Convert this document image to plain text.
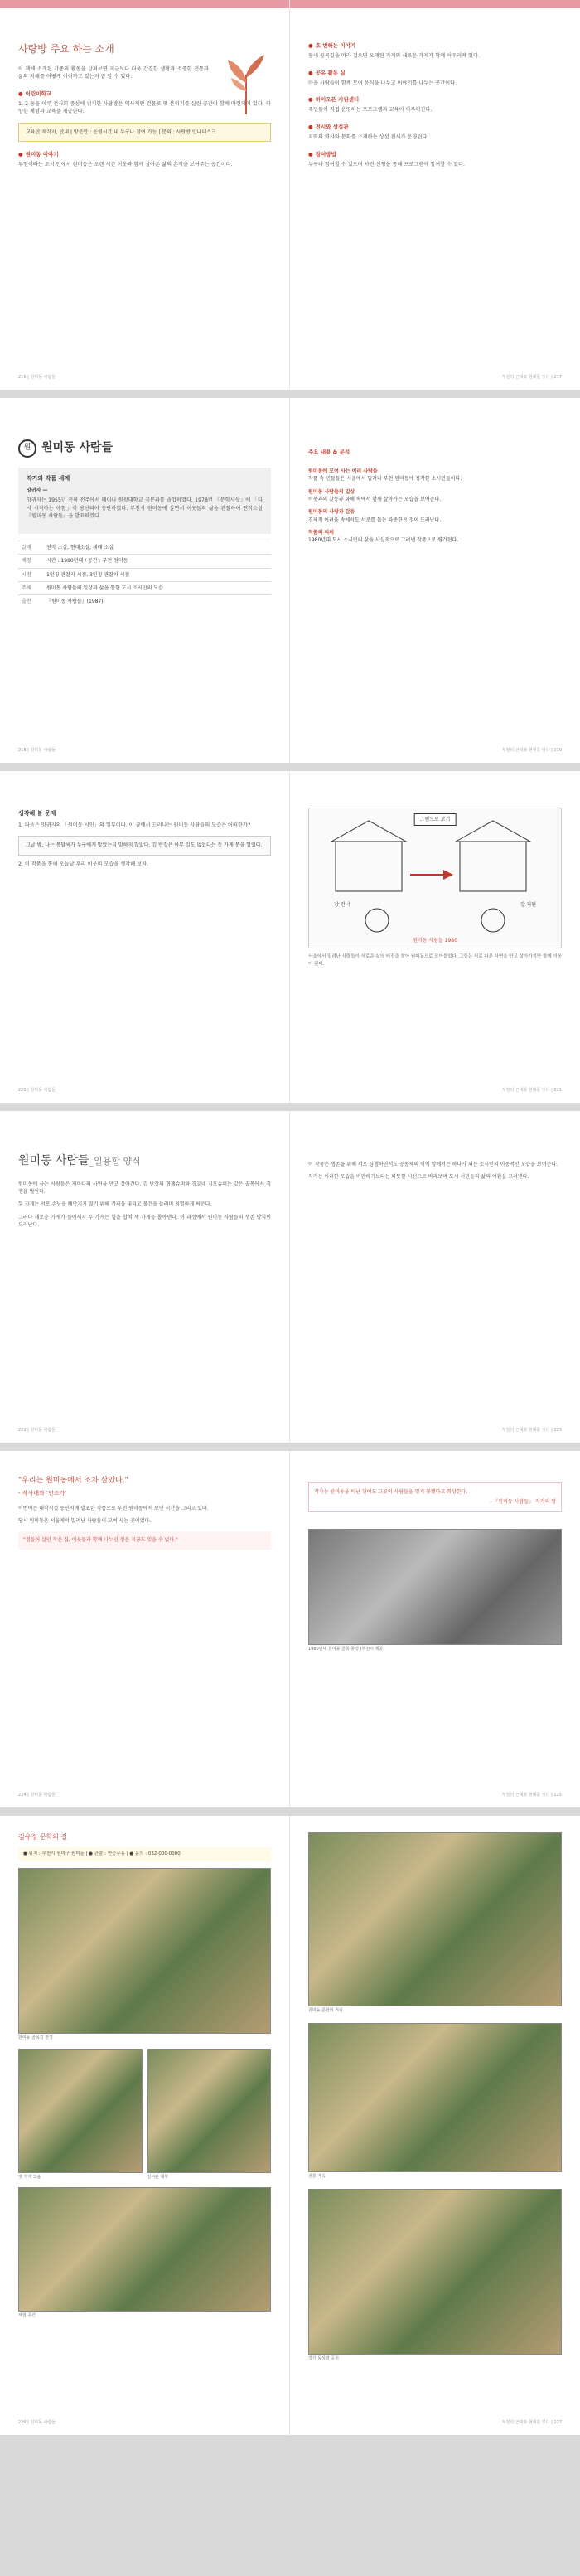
사랑방 주요 하는 소개

이 책에 소개된 각종의 활동을 살펴보면 지금보다 더욱 간결한 생활과 소중한 전통과 삶의 지혜를 어떻게 이어가고 있는지 잘 알 수 있다.

● 어린이학교

1, 2 동을 이루 전시회 중심에 위치한 사랑방은 역사적인 건물로 옛 분위기를 살린 공간이 함께 마련되어 있다. 다양한 체험과 교육을 제공한다.

교육안 제작자, 안내 | 방문안 : 운영시간 내 누구나 참여 가능 | 문의 : 사랑방 안내데스크
● 원미동 이야기

부천이라는 도시 안에서 원미동은 오랜 시간 이웃과 함께 살아온 삶의 흔적을 보여주는 공간이다.

216 | 원미동 사람들
● 호 변하는 이야기

동네 골목길을 따라 걸으면 오래된 가게와 새로운 가게가 함께 어우러져 있다.

● 공유 활동 실

마을 사람들이 함께 모여 음식을 나누고 이야기를 나누는 공간이다.

● 하이오픈 지원센터

주민들이 직접 운영하는 프로그램과 교육이 이루어진다.

● 전시와 상설관

지역의 역사와 문화를 소개하는 상설 전시가 운영된다.

● 참여방법

누구나 참여할 수 있으며 사전 신청을 통해 프로그램에 참여할 수 있다.

부천의 근대와 현대를 잇다 | 217
원 원미동 사람들
작가와 작품 세계
양귀자 —

양귀자는 1955년 전북 전주에서 태어나 원광대학교 국문과를 졸업하였다. 1978년 『문학사상』에 「다시 시작하는 아침」이 당선되어 등단하였다. 부천시 원미동에 살면서 이웃들의 삶을 관찰하여 연작소설 『원미동 사람들』을 발표하였다.

갈래	연작 소설, 현대소설, 세태 소설
배경	시간 : 1980년대 / 공간 : 부천 원미동
시점	1인칭 관찰자 시점, 3인칭 관찰자 시점
주제	원미동 사람들의 일상과 삶을 통한 도시 소시민의 모습
출전	『원미동 사람들』(1987)
218 | 원미동 사람들
주요 내용 & 분석
원미동에 모여 사는 여러 사람들
작품 속 인물들은 서울에서 밀려나 부천 원미동에 정착한 소시민들이다.
원미동 사람들의 일상
이웃과의 갈등과 화해 속에서 함께 살아가는 모습을 보여준다.
원미동의 사랑과 갈등
경제적 어려움 속에서도 서로를 돕는 따뜻한 인정이 드러난다.
작품의 의의
1980년대 도시 소시민의 삶을 사실적으로 그려낸 작품으로 평가된다.
부천의 근대와 현대를 잇다 | 219
생각해 볼 문제

1. 다음은 양귀자의 「원미동 시인」의 일부이다. 이 글에서 드러나는 원미동 사람들의 모습은 어떠한가?

그날 밤, 나는 몽달씨가 누구에게 맞았는지 말하지 않았다. 김 반장은 아무 일도 없었다는 듯 가게 문을 열었다.

2. 이 작품을 통해 오늘날 우리 이웃의 모습을 생각해 보자.

220 | 원미동 사람들
그림으로 보기
강 건너	강 저편
원미동 사람들 1980

서울에서 밀려난 사람들이 새로운 삶의 터전을 찾아 원미동으로 모여들었다. 그들은 서로 다른 사연을 안고 살아가지만 함께 이웃이 된다.

부천의 근대와 현대를 잇다 | 221
원미동 사람들_일용할 양식

원미동에 사는 사람들은 저마다의 사연을 안고 살아간다. 김 반장의 형제슈퍼와 경호네 김포슈퍼는 같은 골목에서 경쟁을 벌인다.

두 가게는 서로 손님을 빼앗기지 않기 위해 가격을 내리고 물건을 늘리며 치열하게 싸운다.

그러나 새로운 가게가 들어서자 두 가게는 힘을 합쳐 새 가게를 몰아낸다. 이 과정에서 원미동 사람들의 생존 방식이 드러난다.

222 | 원미동 사람들

이 작품은 생존을 위해 서로 경쟁하면서도 공동체의 이익 앞에서는 하나가 되는 소시민의 이중적인 모습을 보여준다.

작가는 이러한 모습을 비판하기보다는 따뜻한 시선으로 바라보며 도시 서민들의 삶의 애환을 그려낸다.

부천의 근대와 현대를 잇다 | 223
"우리는 원미동에서 조차 살았다."
- 작사배와 '인조가'

이번에는 대학시절 동인지에 발표한 작품으로 부천 원미동에서 보낸 시간을 그리고 있다.

당시 원미동은 서울에서 밀려난 사람들이 모여 사는 곳이었다.

"정들어 살던 작은 집, 이웃들과 함께 나누던 정은 지금도 잊을 수 없다."
224 | 원미동 사람들
작가는 원미동을 떠난 뒤에도 그곳의 사람들을 잊지 못했다고 회상한다.
- 『원미동 사람들』 작가의 말
1980년대 원미동 골목 풍경 (부천시 제공)
부천의 근대와 현대를 잇다 | 225
김유정 문학의 길
● 위치 : 부천시 원미구 원미동 | ● 관람 : 연중무휴 | ● 문의 : 032-000-0000
원미동 골목길 전경
옛 가게 모습	전시관 내부
체험 공간
226 | 원미동 사람들
원미동 문학의 거리
전통 가옥
작가 동상과 공원
부천의 근대와 현대를 잇다 | 227
